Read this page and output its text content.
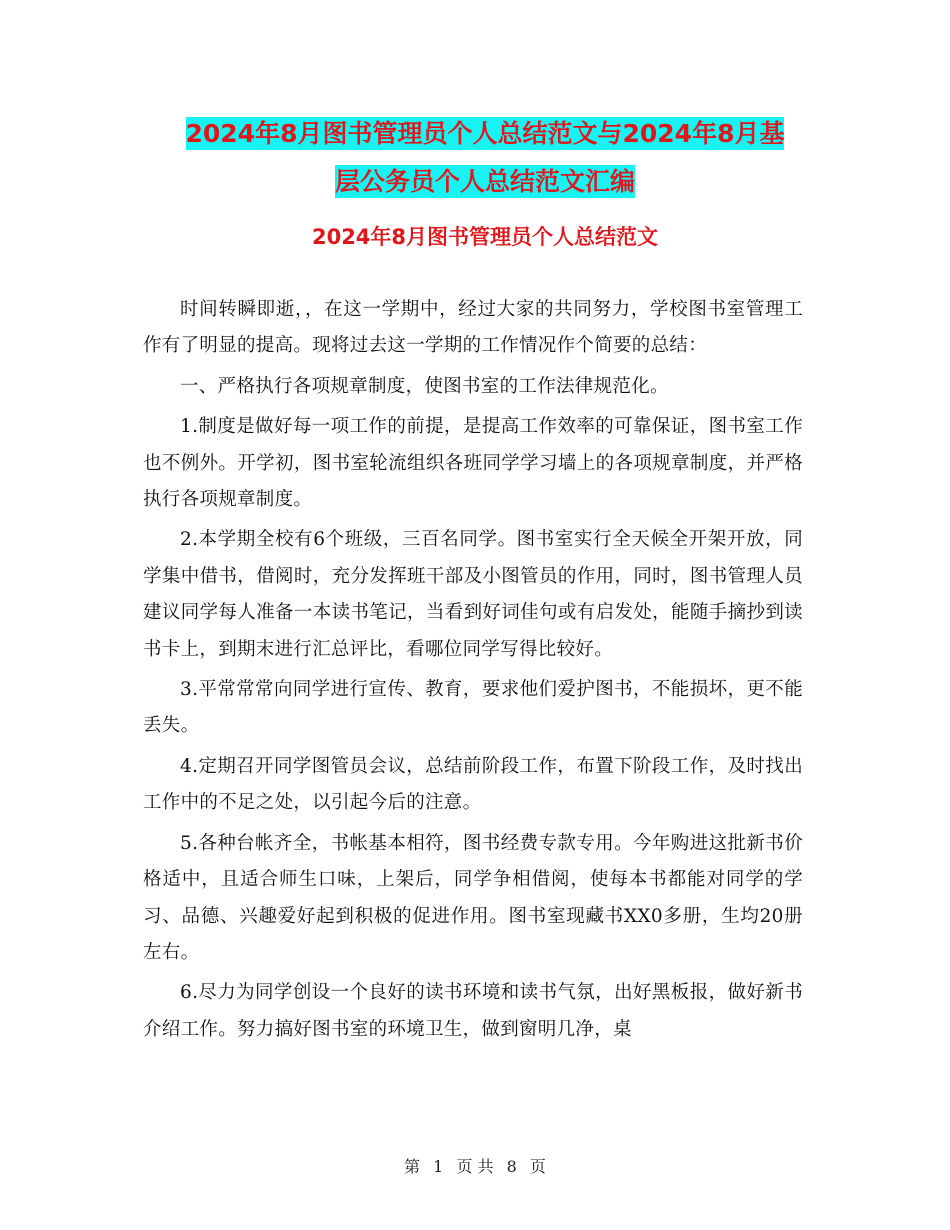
2024年8月图书管理员个人总结范文与2024年8月基
层公务员个人总结范文汇编
2024年8月图书管理员个人总结范文

时间转瞬即逝，，在这一学期中，经过大家的共同努力，学校图书室管理工作有了明显的提高。现将过去这一学期的工作情况作个简要的总结：

一、严格执行各项规章制度，使图书室的工作法律规范化。

1.制度是做好每一项工作的前提，是提高工作效率的可靠保证，图书室工作也不例外。开学初，图书室轮流组织各班同学学习墙上的各项规章制度，并严格执行各项规章制度。

2.本学期全校有6个班级，三百名同学。图书室实行全天候全开架开放，同学集中借书，借阅时，充分发挥班干部及小图管员的作用，同时，图书管理人员建议同学每人准备一本读书笔记，当看到好词佳句或有启发处，能随手摘抄到读书卡上，到期末进行汇总评比，看哪位同学写得比较好。

3.平常常常向同学进行宣传、教育，要求他们爱护图书，不能损坏，更不能丢失。

4.定期召开同学图管员会议，总结前阶段工作，布置下阶段工作，及时找出工作中的不足之处，以引起今后的注意。

5.各种台帐齐全，书帐基本相符，图书经费专款专用。今年购进这批新书价格适中，且适合师生口味，上架后，同学争相借阅，使每本书都能对同学的学习、品德、兴趣爱好起到积极的促进作用。图书室现藏书XX0多册，生均20册左右。

6.尽力为同学创设一个良好的读书环境和读书气氛，出好黑板报，做好新书介绍工作。努力搞好图书室的环境卫生，做到窗明几净，桌

第 1 页 共 8 页
